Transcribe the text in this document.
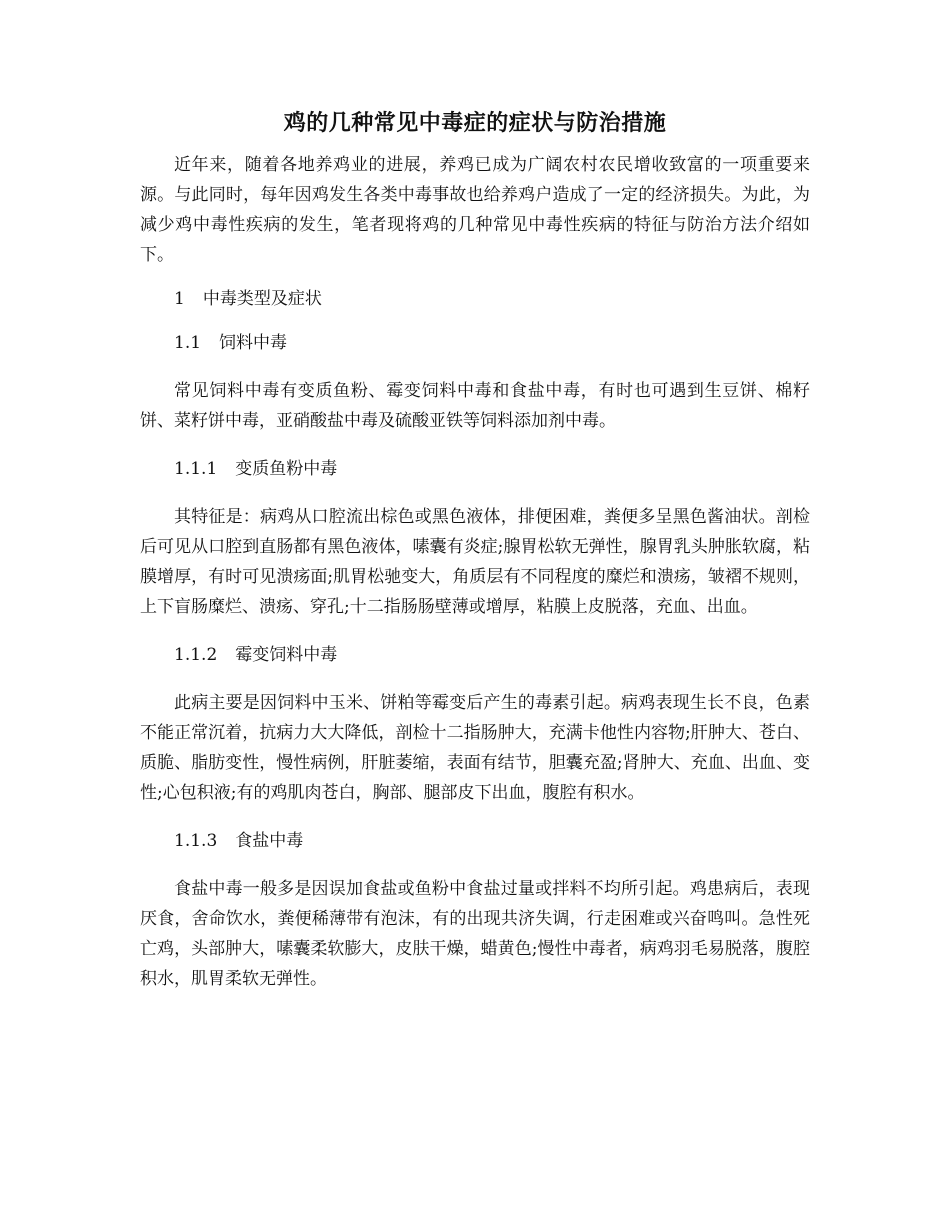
鸡的几种常见中毒症的症状与防治措施

近年来，随着各地养鸡业的进展，养鸡已成为广阔农村农民增收致富的一项重要来源。与此同时，每年因鸡发生各类中毒事故也给养鸡户造成了一定的经济损失。为此，为减少鸡中毒性疾病的发生，笔者现将鸡的几种常见中毒性疾病的特征与防治方法介绍如下。

1 中毒类型及症状

1.1 饲料中毒

常见饲料中毒有变质鱼粉、霉变饲料中毒和食盐中毒，有时也可遇到生豆饼、棉籽饼、菜籽饼中毒，亚硝酸盐中毒及硫酸亚铁等饲料添加剂中毒。

1.1.1 变质鱼粉中毒

其特征是：病鸡从口腔流出棕色或黑色液体，排便困难，粪便多呈黑色酱油状。剖检后可见从口腔到直肠都有黑色液体，嗉囊有炎症;腺胃松软无弹性，腺胃乳头肿胀软腐，粘膜增厚，有时可见溃疡面;肌胃松驰变大，角质层有不同程度的糜烂和溃疡，皱褶不规则，上下盲肠糜烂、溃疡、穿孔;十二指肠肠壁薄或增厚，粘膜上皮脱落，充血、出血。

1.1.2 霉变饲料中毒

此病主要是因饲料中玉米、饼粕等霉变后产生的毒素引起。病鸡表现生长不良，色素不能正常沉着，抗病力大大降低，剖检十二指肠肿大，充满卡他性内容物;肝肿大、苍白、质脆、脂肪变性，慢性病例，肝脏萎缩，表面有结节，胆囊充盈;肾肿大、充血、出血、变性;心包积液;有的鸡肌肉苍白，胸部、腿部皮下出血，腹腔有积水。

1.1.3 食盐中毒

食盐中毒一般多是因误加食盐或鱼粉中食盐过量或拌料不均所引起。鸡患病后，表现厌食，舍命饮水，粪便稀薄带有泡沫，有的出现共济失调，行走困难或兴奋鸣叫。急性死亡鸡，头部肿大，嗉囊柔软膨大，皮肤干燥，蜡黄色;慢性中毒者，病鸡羽毛易脱落，腹腔积水，肌胃柔软无弹性。
